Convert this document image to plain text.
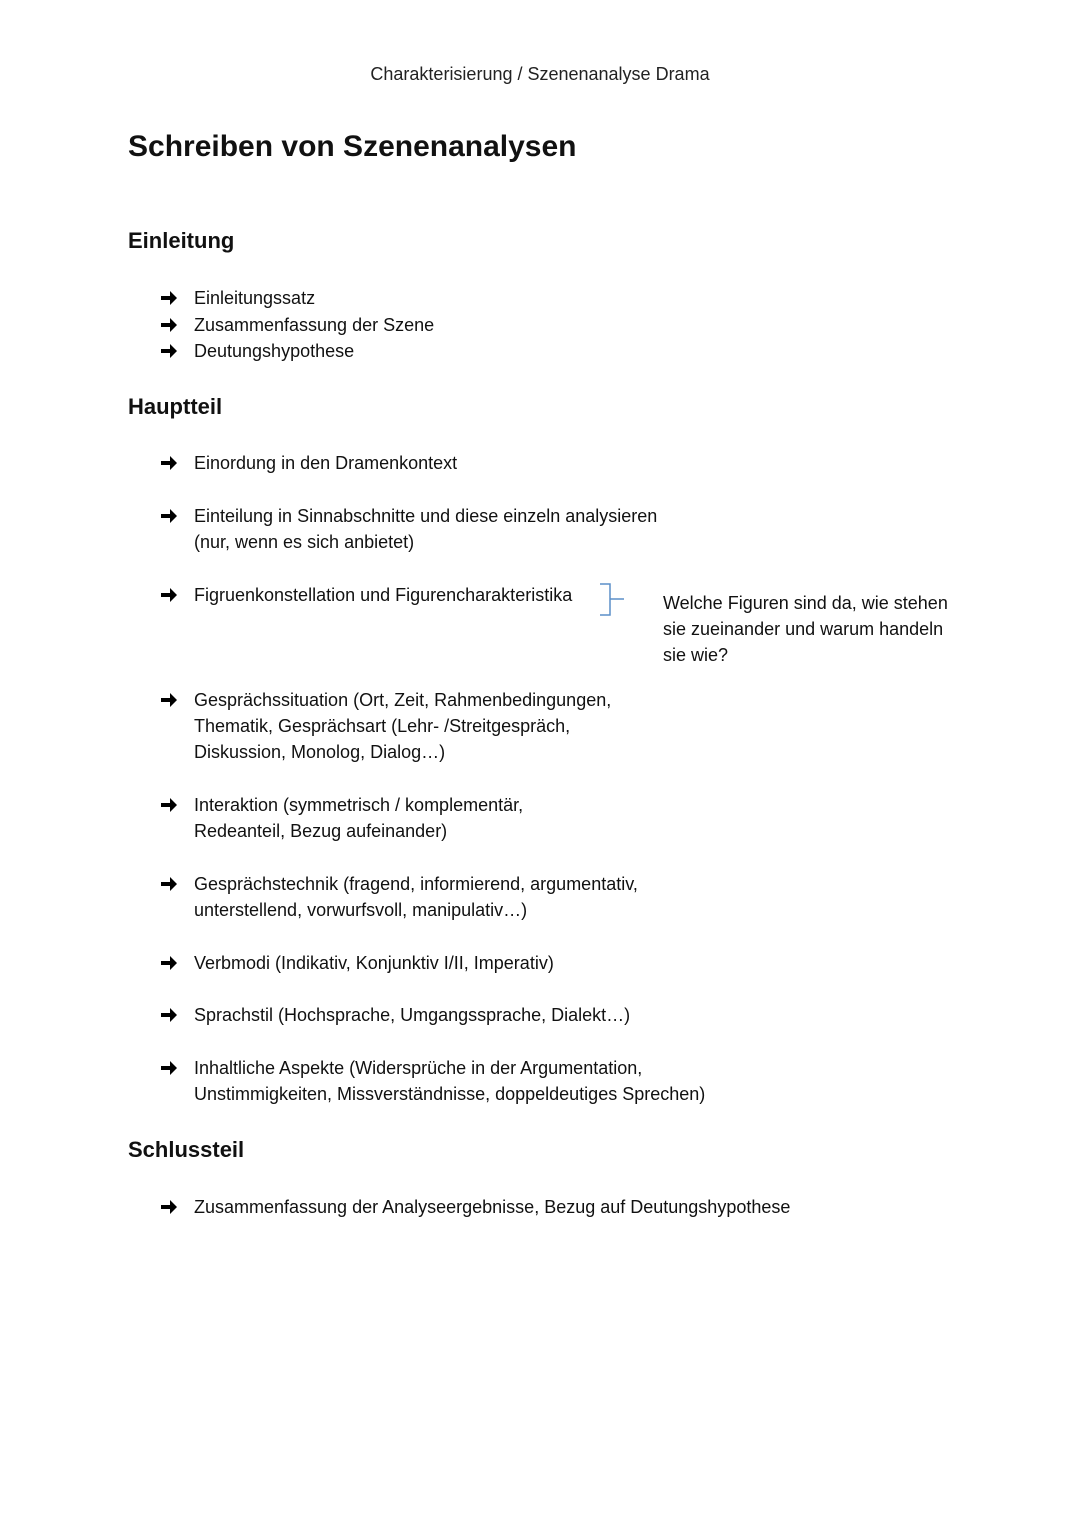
Charakterisierung / Szenenanalyse Drama
Schreiben von Szenenanalysen
Einleitung
Einleitungssatz
Zusammenfassung der Szene
Deutungshypothese
Hauptteil
Einordung in den Dramenkontext
Einteilung in Sinnabschnitte und diese einzeln analysieren
(nur, wenn es sich anbietet)
Figruenkonstellation und Figurencharakteristika	Welche Figuren sind da, wie stehen
sie zueinander und warum handeln
sie wie?
Gesprächssituation (Ort, Zeit, Rahmenbedingungen,
Thematik, Gesprächsart (Lehr- /Streitgespräch,
Diskussion, Monolog, Dialog…)
Interaktion (symmetrisch / komplementär,
Redeanteil, Bezug aufeinander)
Gesprächstechnik (fragend, informierend, argumentativ,
unterstellend, vorwurfsvoll, manipulativ…)
Verbmodi (Indikativ, Konjunktiv I/II, Imperativ)
Sprachstil (Hochsprache, Umgangssprache, Dialekt…)
Inhaltliche Aspekte (Widersprüche in der Argumentation,
Unstimmigkeiten, Missverständnisse, doppeldeutiges Sprechen)
Schlussteil
Zusammenfassung der Analyseergebnisse, Bezug auf Deutungshypothese
